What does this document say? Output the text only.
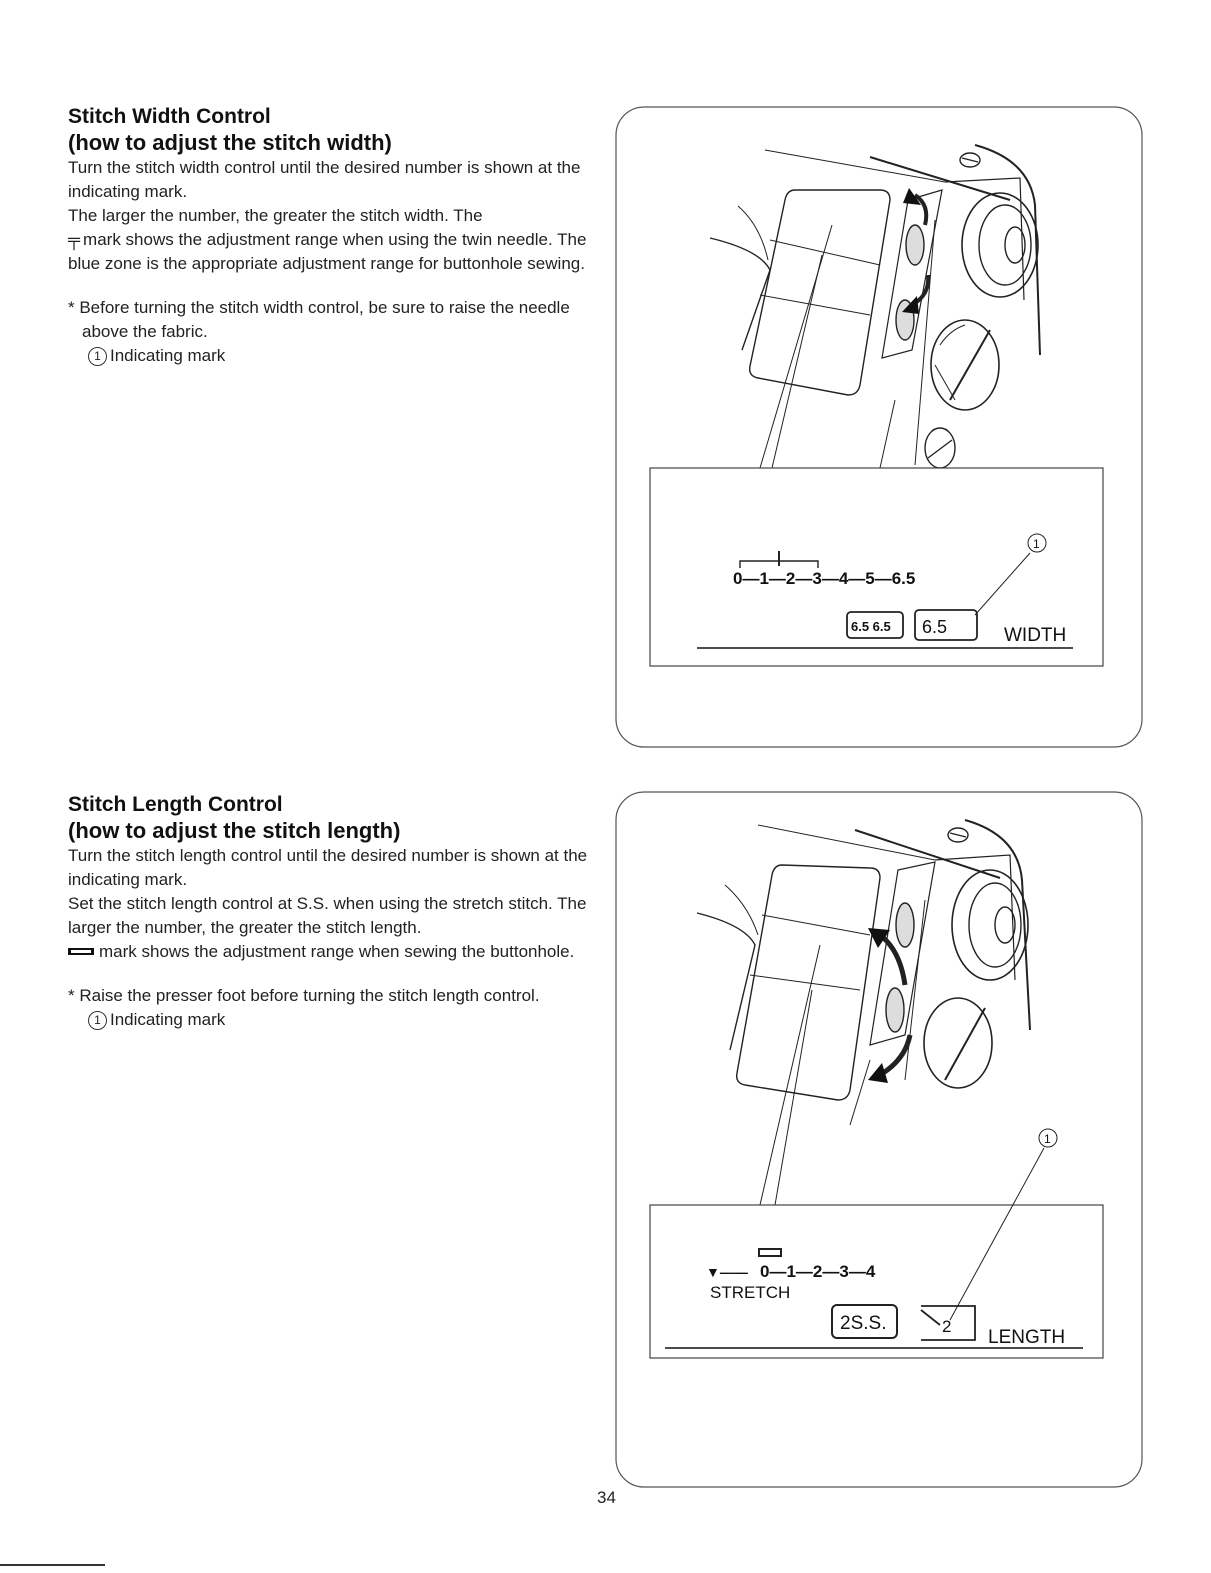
Stitch Width Control
(how to adjust the stitch width)

Turn the stitch width control until the desired number is shown at the indicating mark.

The larger the number, the greater the stitch width. The

╤ mark shows the adjustment range when using the twin needle. The blue zone is the appropriate adjustment range for buttonhole sewing.

* Before turning the stitch width control, be sure to raise the needle above the fabric.

1 Indicating mark

Stitch Length Control
(how to adjust the stitch length)

Turn the stitch length control until the desired number is shown at the indicating mark.

Set the stitch length control at S.S. when using the stretch stitch. The larger the number, the greater the stitch length.

mark shows the adjustment range when sewing the buttonhole.

* Raise the presser foot before turning the stitch length control.

1 Indicating mark

0—1—2—3—4—5—6.5
6.5 6.5 6.5	WIDTH
1
▼—— 0—1—2—3—4
STRETCH
2S.S.	2
LENGTH
1
34
